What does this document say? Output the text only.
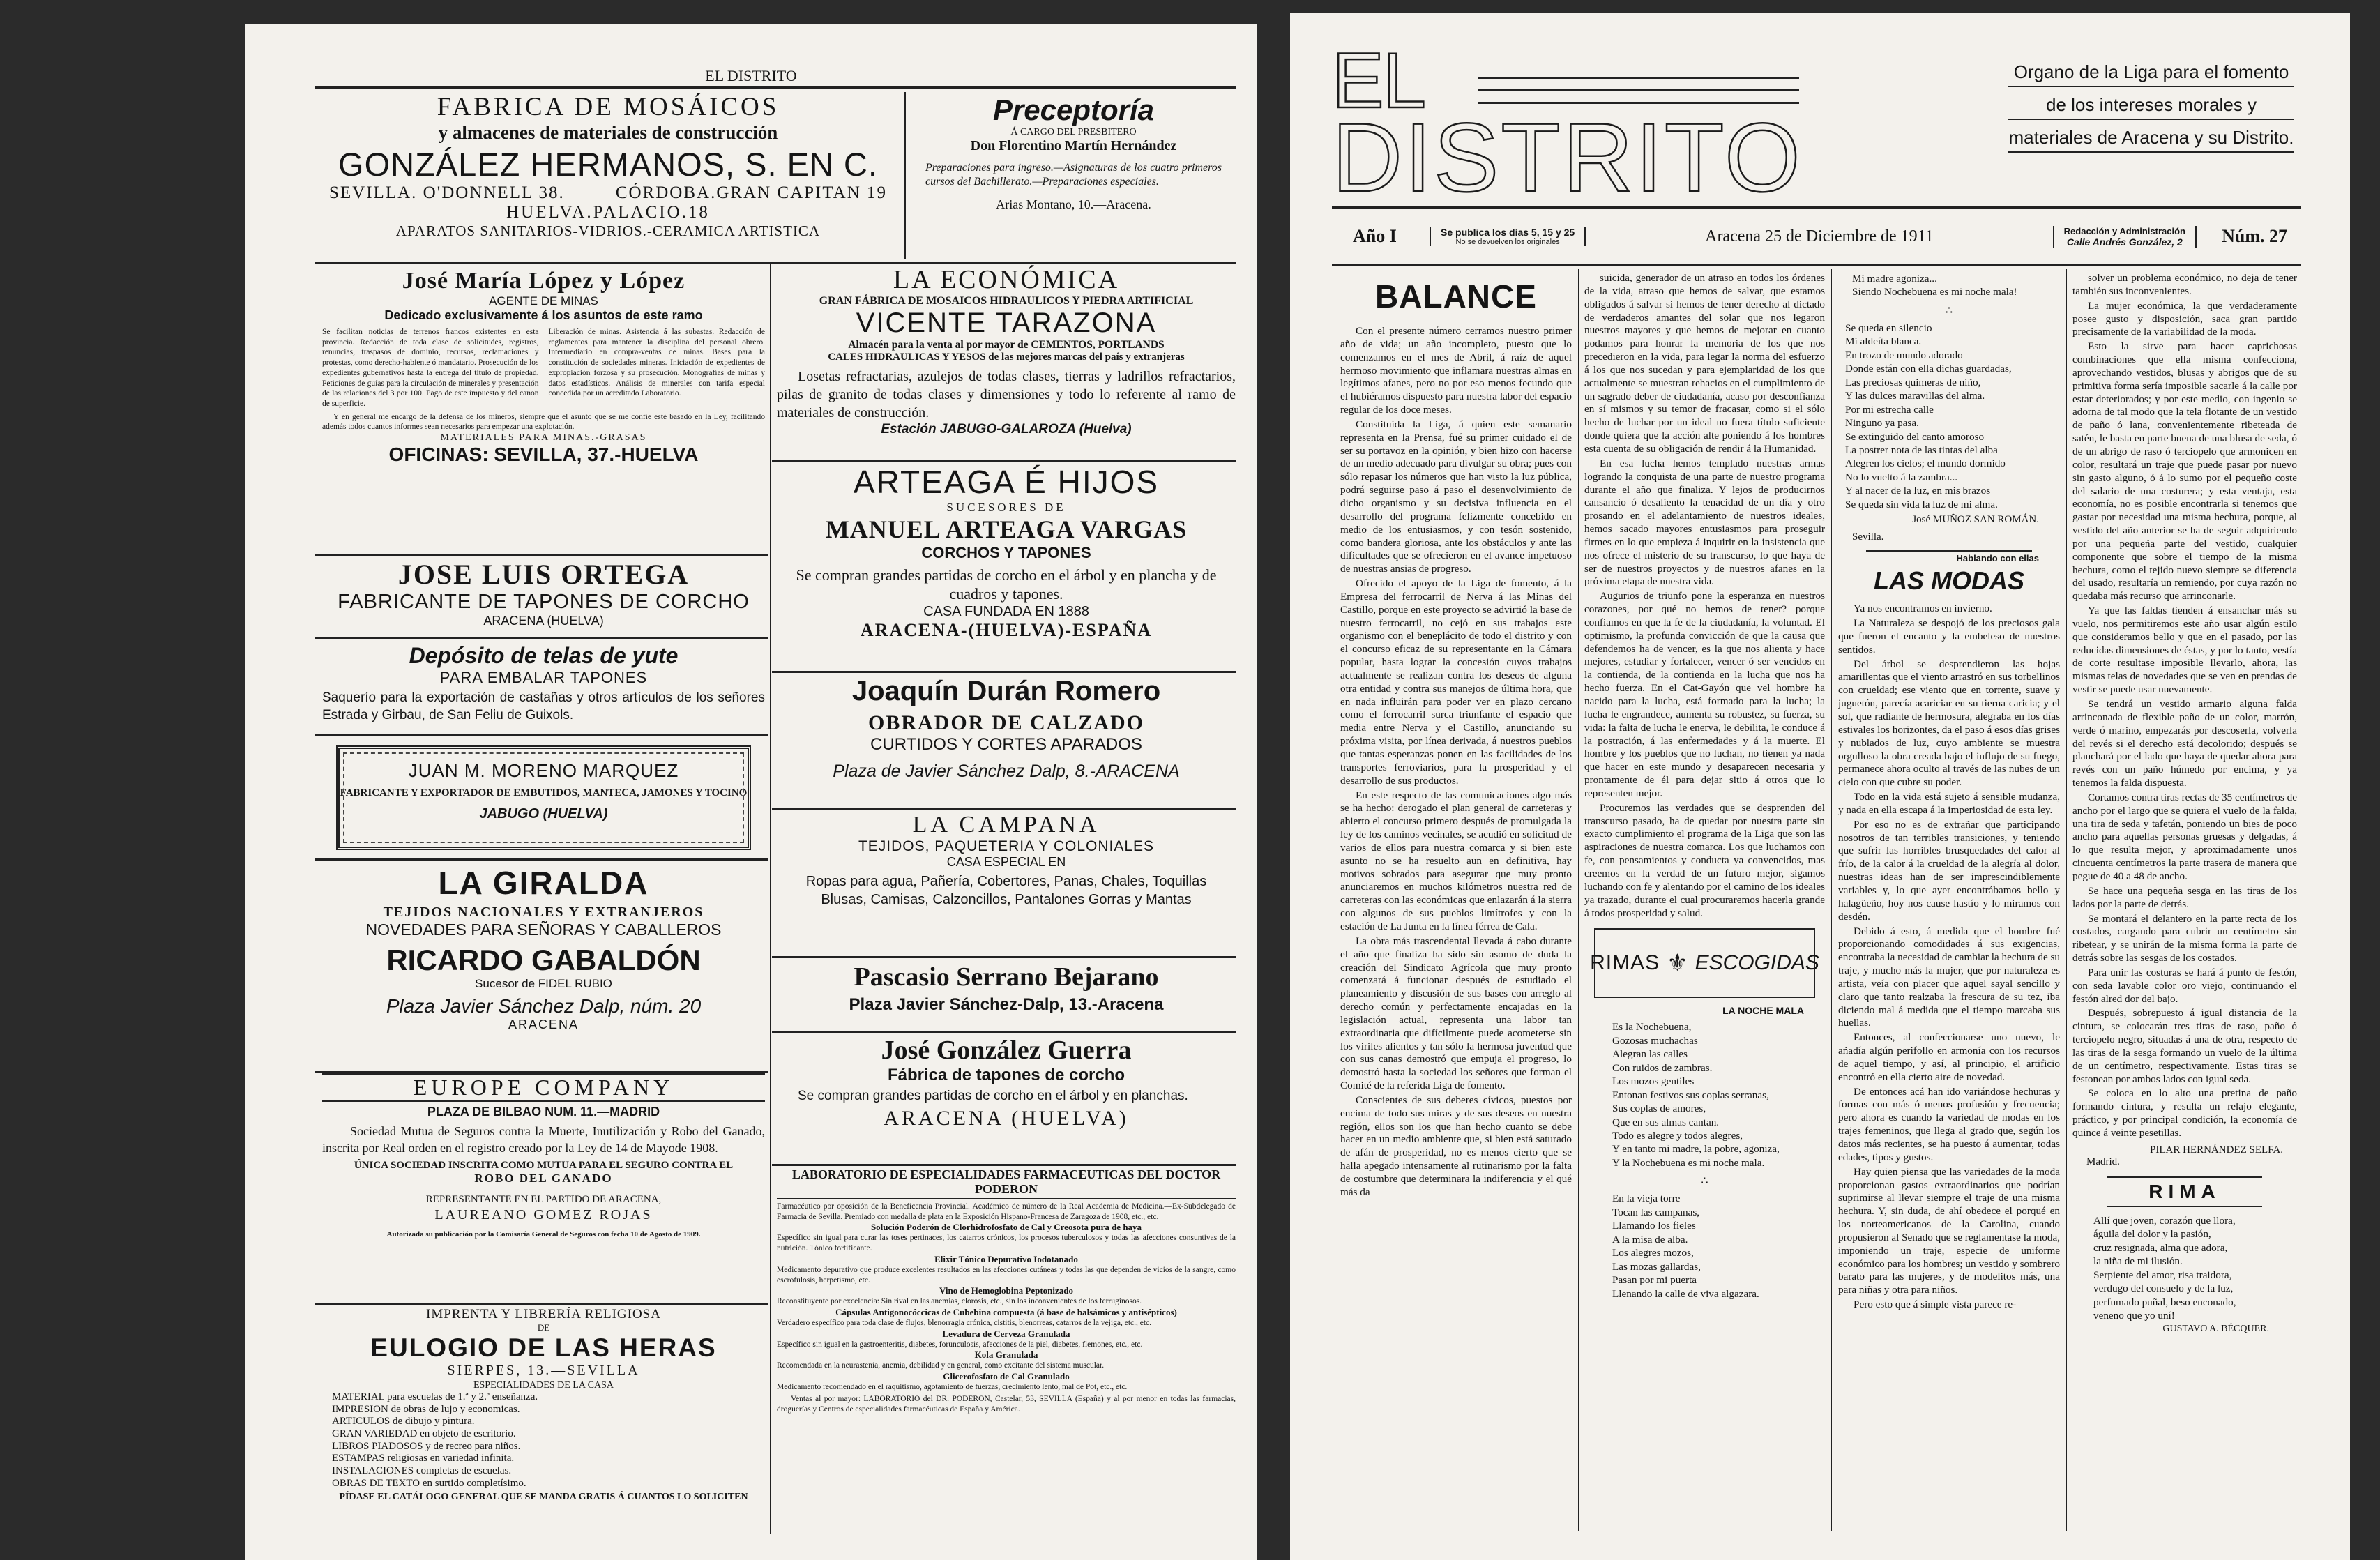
EL DISTRITO
FABRICA DE MOSÁICOS
y almacenes de materiales de construcción
GONZÁLEZ HERMANOS, S. EN C.
SEVILLA. O'DONNELL 38.	CÓRDOBA.GRAN CAPITAN 19
HUELVA.PALACIO.18
APARATOS SANITARIOS-VIDRIOS.-CERAMICA ARTISTICA
Preceptoría
Á CARGO DEL PRESBITERO
Don Florentino Martín Hernández
Preparaciones para ingreso.—Asignaturas de los cuatro primeros cursos del Bachillerato.—Preparaciones especiales.
Arias Montano, 10.—Aracena.
José María López y López
AGENTE DE MINAS
Dedicado exclusivamente á los asuntos de este ramo
Se facilitan noticias de terrenos francos existentes en esta provincia. Redacción de toda clase de solicitudes, registros, renuncias, traspasos de dominio, recursos, reclamaciones y protestas, como derecho-habiente ó mandatario. Prosecución de los expedientes gubernativos hasta la entrega del título de propiedad. Peticiones de guías para la circulación de minerales y presentación de las relaciones del 3 por 100. Pago de este impuesto y del canon de superficie.
Liberación de minas. Asistencia á las subastas. Redacción de reglamentos para mantener la disciplina del personal obrero. Intermediario en compra-ventas de minas. Bases para la constitución de sociedades mineras. Iniciación de expedientes de expropiación forzosa y su prosecución. Monografías de minas y datos estadísticos. Análisis de minerales con tarifa especial concedida por un acreditado Laboratorio.
Y en general me encargo de la defensa de los mineros, siempre que el asunto que se me confíe esté basado en la Ley, facilitando además todos cuantos informes sean necesarios para empezar una explotación.
MATERIALES PARA MINAS.-GRASAS
OFICINAS: SEVILLA, 37.-HUELVA
JOSE LUIS ORTEGA
FABRICANTE DE TAPONES DE CORCHO
ARACENA (HUELVA)
Depósito de telas de yute
PARA EMBALAR TAPONES
Saquerío para la exportación de castañas y otros artículos de los señores Estrada y Girbau, de San Feliu de Guixols.
JUAN M. MORENO MARQUEZ
FABRICANTE Y EXPORTADOR DE EMBUTIDOS, MANTECA, JAMONES Y TOCINO
JABUGO (HUELVA)
LA GIRALDA
TEJIDOS NACIONALES Y EXTRANJEROS
NOVEDADES PARA SEÑORAS Y CABALLEROS
RICARDO GABALDÓN
Sucesor de FIDEL RUBIO
Plaza Javier Sánchez Dalp, núm. 20
ARACENA
EUROPE COMPANY
PLAZA DE BILBAO NUM. 11.—MADRID
Sociedad Mutua de Seguros contra la Muerte, Inutilización y Robo del Ganado, inscrita por Real orden en el registro creado por la Ley de 14 de Mayode 1908.
ÚNICA SOCIEDAD INSCRITA COMO MUTUA PARA EL SEGURO CONTRA EL
ROBO DEL GANADO
REPRESENTANTE EN EL PARTIDO DE ARACENA,
LAUREANO GOMEZ ROJAS
Autorizada su publicación por la Comisaría General de Seguros con fecha 10 de Agosto de 1909.
IMPRENTA Y LIBRERÍA RELIGIOSA
DE
EULOGIO DE LAS HERAS
SIERPES, 13.—SEVILLA
ESPECIALIDADES DE LA CASA
MATERIAL para escuelas de 1.ª y 2.ª enseñanza.
IMPRESION de obras de lujo y economicas.
ARTICULOS de dibujo y pintura.
GRAN VARIEDAD en objeto de escritorio.
LIBROS PIADOSOS y de recreo para niños.
ESTAMPAS religiosas en variedad infinita.
INSTALACIONES completas de escuelas.
OBRAS DE TEXTO en surtido completísimo.
PÍDASE EL CATÁLOGO GENERAL QUE SE MANDA GRATIS Á CUANTOS LO SOLICITEN
LA ECONÓMICA
GRAN FÁBRICA DE MOSAICOS HIDRAULICOS Y PIEDRA ARTIFICIAL
VICENTE TARAZONA
Almacén para la venta al por mayor de CEMENTOS, PORTLANDS
CALES HIDRAULICAS Y YESOS de las mejores marcas del país y extranjeras
Losetas refractarias, azulejos de todas clases, tierras y ladrillos refractarios, pilas de granito de todas clases y dimensiones y todo lo referente al ramo de materiales de construcción.
Estación JABUGO-GALAROZA (Huelva)
ARTEAGA É HIJOS
SUCESORES DE
MANUEL ARTEAGA VARGAS
CORCHOS Y TAPONES
Se compran grandes partidas de corcho en el árbol y en plancha y de cuadros y tapones.
CASA FUNDADA EN 1888
ARACENA-(HUELVA)-ESPAÑA
Joaquín Durán Romero
OBRADOR DE CALZADO
CURTIDOS Y CORTES APARADOS
Plaza de Javier Sánchez Dalp, 8.-ARACENA
LA CAMPANA
TEJIDOS, PAQUETERIA Y COLONIALES
CASA ESPECIAL EN
Ropas para agua, Pañería, Cobertores, Panas, Chales, Toquillas Blusas, Camisas, Calzoncillos, Pantalones Gorras y Mantas
Pascasio Serrano Bejarano
Plaza Javier Sánchez-Dalp, 13.-Aracena
José González Guerra
Fábrica de tapones de corcho
Se compran grandes partidas de corcho en el árbol y en planchas.
ARACENA (HUELVA)
LABORATORIO DE ESPECIALIDADES FARMACEUTICAS DEL DOCTOR PODERON
Farmacéutico por oposición de la Beneficencia Provincial. Académico de número de la Real Academia de Medicina.—Ex-Subdelegado de Farmacia de Sevilla. Premiado con medalla de plata en la Exposición Hispano-Francesa de Zaragoza de 1908, etc., etc.
Solución Poderón de Clorhidrofosfato de Cal y Creosota pura de haya
Específico sin igual para curar las toses pertinaces, los catarros crónicos, los procesos tuberculosos y todas las afecciones consuntivas de la nutrición. Tónico fortificante.
Elixir Tónico Depurativo Iodotanado
Medicamento depurativo que produce excelentes resultados en las afecciones cutáneas y todas las que dependen de vicios de la sangre, como escrofulosis, herpetismo, etc.
Vino de Hemoglobina Peptonizado
Reconstituyente por excelencia: Sin rival en las anemias, clorosis, etc., sin los inconvenientes de los ferruginosos.
Cápsulas Antigonocóccicas de Cubebina compuesta (á base de balsámicos y antisépticos)
Verdadero específico para toda clase de flujos, blenorragia crónica, cistitis, blenorreas, catarros de la vejiga, etc., etc.
Levadura de Cerveza Granulada
Específico sin igual en la gastroenteritis, diabetes, forunculosis, afecciones de la piel, diabetes, flemones, etc., etc.
Kola Granulada
Recomendada en la neurastenia, anemia, debilidad y en general, como excitante del sistema muscular.
Glicerofosfato de Cal Granulado
Medicamento recomendado en el raquitismo, agotamiento de fuerzas, crecimiento lento, mal de Pot, etc., etc.
Ventas al por mayor: LABORATORIO del DR. PODERON, Castelar, 53, SEVILLA (España) y al por menor en todas las farmacias, droguerías y Centros de especialidades farmacéuticas de España y América.
EL
DISTRITO
Organo de la Liga para el fomento de los intereses morales y materiales de Aracena y su Distrito.
Año I	Se publica los días 5, 15 y 25
No se devuelven los originales	Aracena 25 de Diciembre de 1911	Redacción y Administración
Calle Andrés González, 2	Núm. 27
BALANCE
Con el presente número cerramos nuestro primer año de vida; un año incompleto, puesto que lo comenzamos en el mes de Abril, á raíz de aquel hermoso movimiento que inflamara nuestras almas en legítimos afanes, pero no por eso menos fecundo que el hubiéramos dispuesto para nuestra labor del espacio regular de los doce meses.
Constituida la Liga, á quien este semanario representa en la Prensa, fué su primer cuidado el de ser su portavoz en la opinión, y bien hizo con hacerse de un medio adecuado para divulgar su obra; pues con sólo repasar los números que han visto la luz pública, podrá seguirse paso á paso el desenvolvimiento de dicho organismo y su decisiva influencia en el desarrollo del programa felizmente concebido en medio de los entusiasmos, y con tesón sostenido, como bandera gloriosa, ante los obstáculos y ante las dificultades que se ofrecieron en el avance impetuoso de nuestras ansias de progreso.
Ofrecido el apoyo de la Liga de fomento, á la Empresa del ferrocarril de Nerva á las Minas del Castillo, porque en este proyecto se advirtió la base de nuestro ferrocarril, no cejó en sus trabajos este organismo con el beneplácito de todo el distrito y con el concurso eficaz de su representante en la Cámara popular, hasta lograr la concesión cuyos trabajos actualmente se realizan contra los deseos de alguna otra entidad y contra sus manejos de última hora, que en nada influirán para poder ver en plazo cercano como el ferrocarril surca triunfante el espacio que media entre Nerva y el Castillo, anunciando su próxima visita, por línea derivada, á nuestros pueblos que tantas esperanzas ponen en las facilidades de los transportes ferroviarios, para la prosperidad y el desarrollo de sus productos.
En este respecto de las comunicaciones algo más se ha hecho: derogado el plan general de carreteras y abierto el concurso primero después de promulgada la ley de los caminos vecinales, se acudió en solicitud de varios de ellos para nuestra comarca y si bien este asunto no se ha resuelto aun en definitiva, hay motivos sobrados para asegurar que muy pronto anunciaremos en muchos kilómetros nuestra red de carreteras con las económicas que enlazarán á la sierra con algunos de sus pueblos limítrofes y con la estación de La Junta en la línea férrea de Cala.
La obra más trascendental llevada á cabo durante el año que finaliza ha sido sin asomo de duda la creación del Sindicato Agrícola que muy pronto comenzará á funcionar después de estudiado el planeamiento y discusión de sus bases con arreglo al derecho común y perfectamente encajadas en la legislación actual, representa una labor tan extraordinaria que difícilmente puede acometerse sin los viriles alientos y tan sólo la hermosa juventud que con sus canas demostró que empuja el progreso, lo demostró hasta la sociedad los señores que forman el Comité de la referida Liga de fomento.
Conscientes de sus deberes cívicos, puestos por encima de todo sus miras y de sus deseos en nuestra región, ellos son los que han hecho cuanto se debe hacer en un medio ambiente que, si bien está saturado de afán de prosperidad, no es menos cierto que se halla apegado intensamente al rutinarismo por la falta de costumbre que determinara la indiferencia y el qué más da
suicida, generador de un atraso en todos los órdenes de la vida, atraso que hemos de salvar, que estamos obligados á salvar si hemos de tener derecho al dictado de verdaderos amantes del solar que nos legaron nuestros mayores y que hemos de mejorar en cuanto podamos para honrar la memoria de los que nos precedieron en la vida, para legar la norma del esfuerzo á los que nos sucedan y para ejemplaridad de los que actualmente se muestran rehacios en el cumplimiento de un sagrado deber de ciudadanía, acaso por desconfianza en sí mismos y su temor de fracasar, como si el sólo hecho de luchar por un ideal no fuera título suficiente donde quiera que la acción alte poniendo á los hombres esta cuenta de su obligación de rendir á la Humanidad.
En esa lucha hemos templado nuestras armas logrando la conquista de una parte de nuestro programa durante el año que finaliza. Y lejos de producirnos cansancio ó desaliento la tenacidad de un día y otro prosando en el adelantamiento de nuestros ideales, hemos sacado mayores entusiasmos para proseguir firmes en lo que empieza á inquirir en la insistencia que nos ofrece el misterio de su transcurso, lo que haya de ser de nuestros proyectos y de nuestros afanes en la próxima etapa de nuestra vida.
Augurios de triunfo pone la esperanza en nuestros corazones, por qué no hemos de tener? porque confiamos en que la fe de la ciudadanía, la voluntad. El optimismo, la profunda convicción de que la causa que defendemos ha de vencer, es la que nos alienta y hace mejores, estudiar y fortalecer, vencer ó ser vencidos en la contienda, de la contienda en la lucha que nos ha hecho fuerza. En el Cat-Gayón que vel hombre ha nacido para la lucha, está formado para la lucha; la lucha le engrandece, aumenta su robustez, su fuerza, su vida: la falta de lucha le enerva, le debilita, le conduce á la postración, á las enfermedades y á la muerte. El hombre y los pueblos que no luchan, no tienen ya nada que hacer en este mundo y desaparecen necesaria y prontamente de él para dejar sitio á otros que lo representen mejor.
Procuremos las verdades que se desprenden del transcurso pasado, ha de quedar por nuestra parte sin exacto cumplimiento el programa de la Liga que son las aspiraciones de nuestra comarca. Los que luchamos con fe, con pensamientos y conducta ya convencidos, mas creemos en la verdad de un futuro mejor, sigamos luchando con fe y alentando por el camino de los ideales ya trazado, durante el cual procuraremos hacerla grande á todos prosperidad y salud.
RIMAS ⚜ ESCOGIDAS
LA NOCHE MALA
Es la Nochebuena,
Gozosas muchachas
Alegran las calles
Con ruidos de zambras.
Los mozos gentiles
Entonan festivos sus coplas serranas,
Sus coplas de amores,
Que en sus almas cantan.
Todo es alegre y todos alegres,
Y en tanto mi madre, la pobre, agoniza,
Y la Nochebuena es mi noche mala.
∴
En la vieja torre
Tocan las campanas,
Llamando los fieles
A la misa de alba.
Los alegres mozos,
Las mozas gallardas,
Pasan por mi puerta
Llenando la calle de viva algazara.
Mi madre agoniza...
Siendo Nochebuena es mi noche mala!
∴
Se queda en silencio
Mi aldeíta blanca.
En trozo de mundo adorado
Donde están con ella dichas guardadas,
Las preciosas quimeras de niño,
Y las dulces maravillas del alma.
Por mi estrecha calle
Ninguno ya pasa.
Se extinguido del canto amoroso
La postrer nota de las tintas del alba
Alegren los cielos; el mundo dormido
No lo vuelto á la zambra...
Y al nacer de la luz, en mis brazos
Se queda sin vida la luz de mi alma.
José MUÑOZ SAN ROMÁN.
Sevilla.
Hablando con ellas
LAS MODAS
Ya nos encontramos en invierno.
La Naturaleza se despojó de los preciosos gala que fueron el encanto y la embeleso de nuestros sentidos.
Del árbol se desprendieron las hojas amarillentas que el viento arrastró en sus torbellinos con crueldad; ese viento que en torrente, suave y juguetón, parecía acariciar en su tierna caricia; y el sol, que radiante de hermosura, alegraba en los días estivales los horizontes, da el paso á esos días grises y nublados de luz, cuyo ambiente se muestra orgulloso la obra creada bajo el influjo de su fuego, permanece ahora oculto al través de las nubes de un cielo con que cubre su poder.
Todo en la vida está sujeto á sensible mudanza, y nada en ella escapa á la imperiosidad de esta ley.
Por eso no es de extrañar que participando nosotros de tan terribles transiciones, y teniendo que sufrir las horribles brusquedades del calor al frío, de la calor á la crueldad de la alegría al dolor, nuestras ideas han de ser imprescindiblemente variables y, lo que ayer encontrábamos bello y halagüeño, hoy nos cause hastío y lo miramos con desdén.
Debido á esto, á medida que el hombre fué proporcionando comodidades á sus exigencias, encontraba la necesidad de cambiar la hechura de su traje, y mucho más la mujer, que por naturaleza es artista, veía con placer que aquel sayal sencillo y claro que tanto realzaba la frescura de su tez, iba diciendo mal á medida que el tiempo marcaba sus huellas.
Entonces, al confeccionarse uno nuevo, le añadía algún perifollo en armonía con los recursos de aquel tiempo, y así, al principio, el artificio encontró en ella cierto aire de novedad.
De entonces acá han ido variándose hechuras y formas con más ó menos profusión y frecuencia; pero ahora es cuando la variedad de modas en los trajes femeninos, que llega al grado que, según los datos más recientes, se ha puesto á aumentar, todas edades, tipos y gustos.
Hay quien piensa que las variedades de la moda proporcionan gastos extraordinarios que podrían suprimirse al llevar siempre el traje de una misma hechura. Y, sin duda, de ahí obedece el porqué en los norteamericanos de la Carolina, cuando propusieron al Senado que se reglamentase la moda, imponiendo un traje, especie de uniforme económico para los hombres; un vestido y sombrero barato para las mujeres, y de modelitos más, una para niñas y otra para niños.
Pero esto que á simple vista parece re-
solver un problema económico, no deja de tener también sus inconvenientes.
La mujer económica, la que verdaderamente posee gusto y disposición, saca gran partido precisamente de la variabilidad de la moda.
Esto la sirve para hacer caprichosas combinaciones que ella misma confecciona, aprovechando vestidos, blusas y abrigos que de su primitiva forma sería imposible sacarle á la calle por estar deteriorados; y por este medio, con ingenio se adorna de tal modo que la tela flotante de un vestido de paño ó lana, convenientemente ribeteada de satén, le basta en parte buena de una blusa de seda, ó de un abrigo de raso ó terciopelo que armonicen en color, resultará un traje que puede pasar por nuevo sin gasto alguno, ó á lo sumo por el pequeño coste del salario de una costurera; y esta ventaja, esta economía, no es posible encontrarla si tenemos que gastar por necesidad una misma hechura, porque, al vestido del año anterior se ha de seguir adquiriendo por una pequeña parte del vestido, cualquier componente que sobre el tiempo de la misma hechura, como el tejido nuevo siempre se diferencia del usado, resultaría un remiendo, por cuya razón no quedaba más recurso que arrinconarle.
Ya que las faldas tienden á ensanchar más su vuelo, nos permitiremos este año usar algún estilo que consideramos bello y que en el pasado, por las reducidas dimensiones de éstas, y por lo tanto, vestía de corte resultase imposible llevarlo, ahora, las mismas telas de novedades que se ven en prendas de vestir se puede usar nuevamente.
Se tendrá un vestido armario alguna falda arrinconada de flexible paño de un color, marrón, verde ó marino, empezarás por descoserla, volverla del revés si el derecho está decolorido; después se planchará por el lado que haya de quedar ahora para revés con un paño húmedo por encima, y ya tenemos la falda dispuesta.
Cortamos contra tiras rectas de 35 centímetros de ancho por el largo que se quiera el vuelo de la falda, una tira de seda y tafetán, poniendo un bies de poco ancho para aquellas personas gruesas y delgadas, á lo que resulta mejor, y aproximadamente unos cincuenta centímetros la parte trasera de manera que pegue de 40 a 48 de ancho.
Se hace una pequeña sesga en las tiras de los lados por la parte de detrás.
Se montará el delantero en la parte recta de los costados, cargando para cubrir un centímetro sin ribetear, y se unirán de la misma forma la parte de detrás sobre las sesgas de los costados.
Para unir las costuras se hará á punto de festón, con seda lavable color oro viejo, continuando el festón alred dor del bajo.
Después, sobrepuesto á igual distancia de la cintura, se colocarán tres tiras de raso, paño ó terciopelo negro, situadas á una de otra, respecto de las tiras de la sesga formando un vuelo de la última de un centímetro, respectivamente. Estas tiras se festonean por ambos lados con igual seda.
Se coloca en lo alto una pretina de paño formando cintura, y resulta un relajo elegante, práctico, y por principal condición, la economía de quince á veinte pesetillas.
PILAR HERNÁNDEZ SELFA.
Madrid.
RIMA
Allí que joven, corazón que llora,
águila del dolor y la pasión,
cruz resignada, alma que adora,
la niña de mi ilusión.
Serpiente del amor, risa traidora,
verdugo del consuelo y de la luz,
perfumado puñal, beso enconado,
veneno que yo uní!
GUSTAVO A. BÉCQUER.
